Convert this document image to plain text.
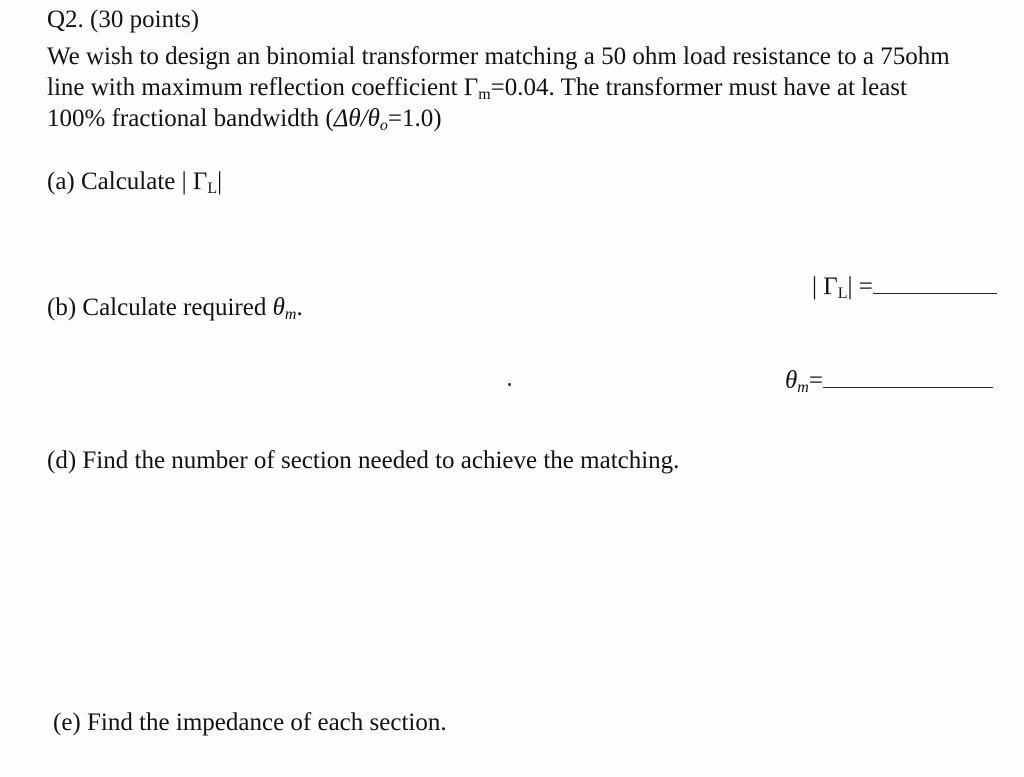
Q2. (30 points)
We wish to design an binomial transformer matching a 50 ohm load resistance to a 75ohm
line with maximum reflection coefficient $\Gamma_m=0.04$. The transformer must have at least
100% fractional bandwidth $(\Delta\theta/\theta_o=1.0)$
(a) Calculate | $\Gamma_L|$
| $\Gamma_L|$ =
(b) Calculate required $\theta_m$.
$\theta_m=$
(d) Find the number of section needed to achieve the matching.
(e) Find the impedance of each section.
